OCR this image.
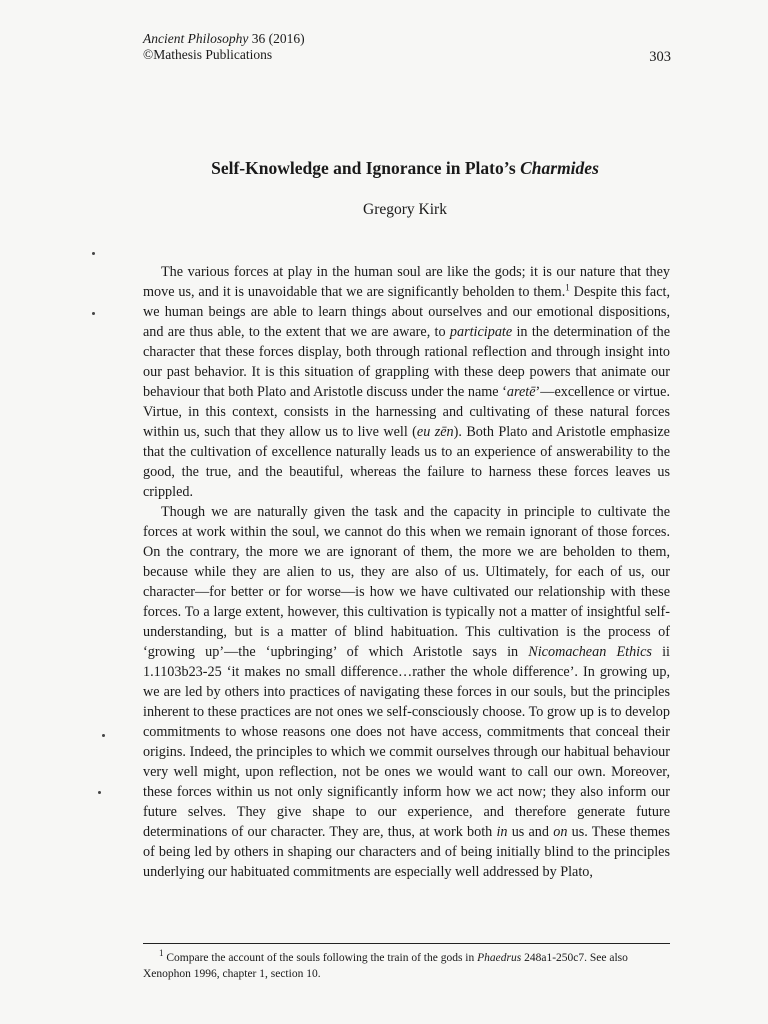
Ancient Philosophy 36 (2016)
©Mathesis Publications	303
Self-Knowledge and Ignorance in Plato’s Charmides
Gregory Kirk

The various forces at play in the human soul are like the gods; it is our nature that they move us, and it is unavoidable that we are significantly beholden to them.$^1$ Despite this fact, we human beings are able to learn things about ourselves and our emotional dispositions, and are thus able, to the extent that we are aware, to participate in the determination of the character that these forces display, both through rational reflection and through insight into our past behavior. It is this situation of grappling with these deep powers that animate our behaviour that both Plato and Aristotle discuss under the name ‘aretē’—excellence or virtue. Virtue, in this context, consists in the harnessing and cultivating of these natural forces within us, such that they allow us to live well (eu zēn). Both Plato and Aristotle emphasize that the cultivation of excellence naturally leads us to an experience of answerability to the good, the true, and the beautiful, whereas the failure to harness these forces leaves us crippled.

Though we are naturally given the task and the capacity in principle to cultivate the forces at work within the soul, we cannot do this when we remain ignorant of those forces. On the contrary, the more we are ignorant of them, the more we are beholden to them, because while they are alien to us, they are also of us. Ultimately, for each of us, our character—for better or for worse—is how we have cultivated our relationship with these forces. To a large extent, however, this cultivation is typically not a matter of insightful self-understanding, but is a matter of blind habituation. This cultivation is the process of ‘growing up’—the ‘upbringing’ of which Aristotle says in Nicomachean Ethics ii 1.1103b23-25 ‘it makes no small difference…rather the whole difference’. In growing up, we are led by others into practices of navigating these forces in our souls, but the principles inherent to these practices are not ones we self-consciously choose. To grow up is to develop commitments to whose reasons one does not have access, commitments that conceal their origins. Indeed, the principles to which we commit ourselves through our habitual behaviour very well might, upon reflection, not be ones we would want to call our own. Moreover, these forces within us not only significantly inform how we act now; they also inform our future selves. They give shape to our experience, and therefore generate future determinations of our character. They are, thus, at work both in us and on us. These themes of being led by others in shaping our characters and of being initially blind to the principles underlying our habituated commitments are especially well addressed by Plato,

$^1$ Compare the account of the souls following the train of the gods in Phaedrus 248a1-250c7. See also Xenophon 1996, chapter 1, section 10.
